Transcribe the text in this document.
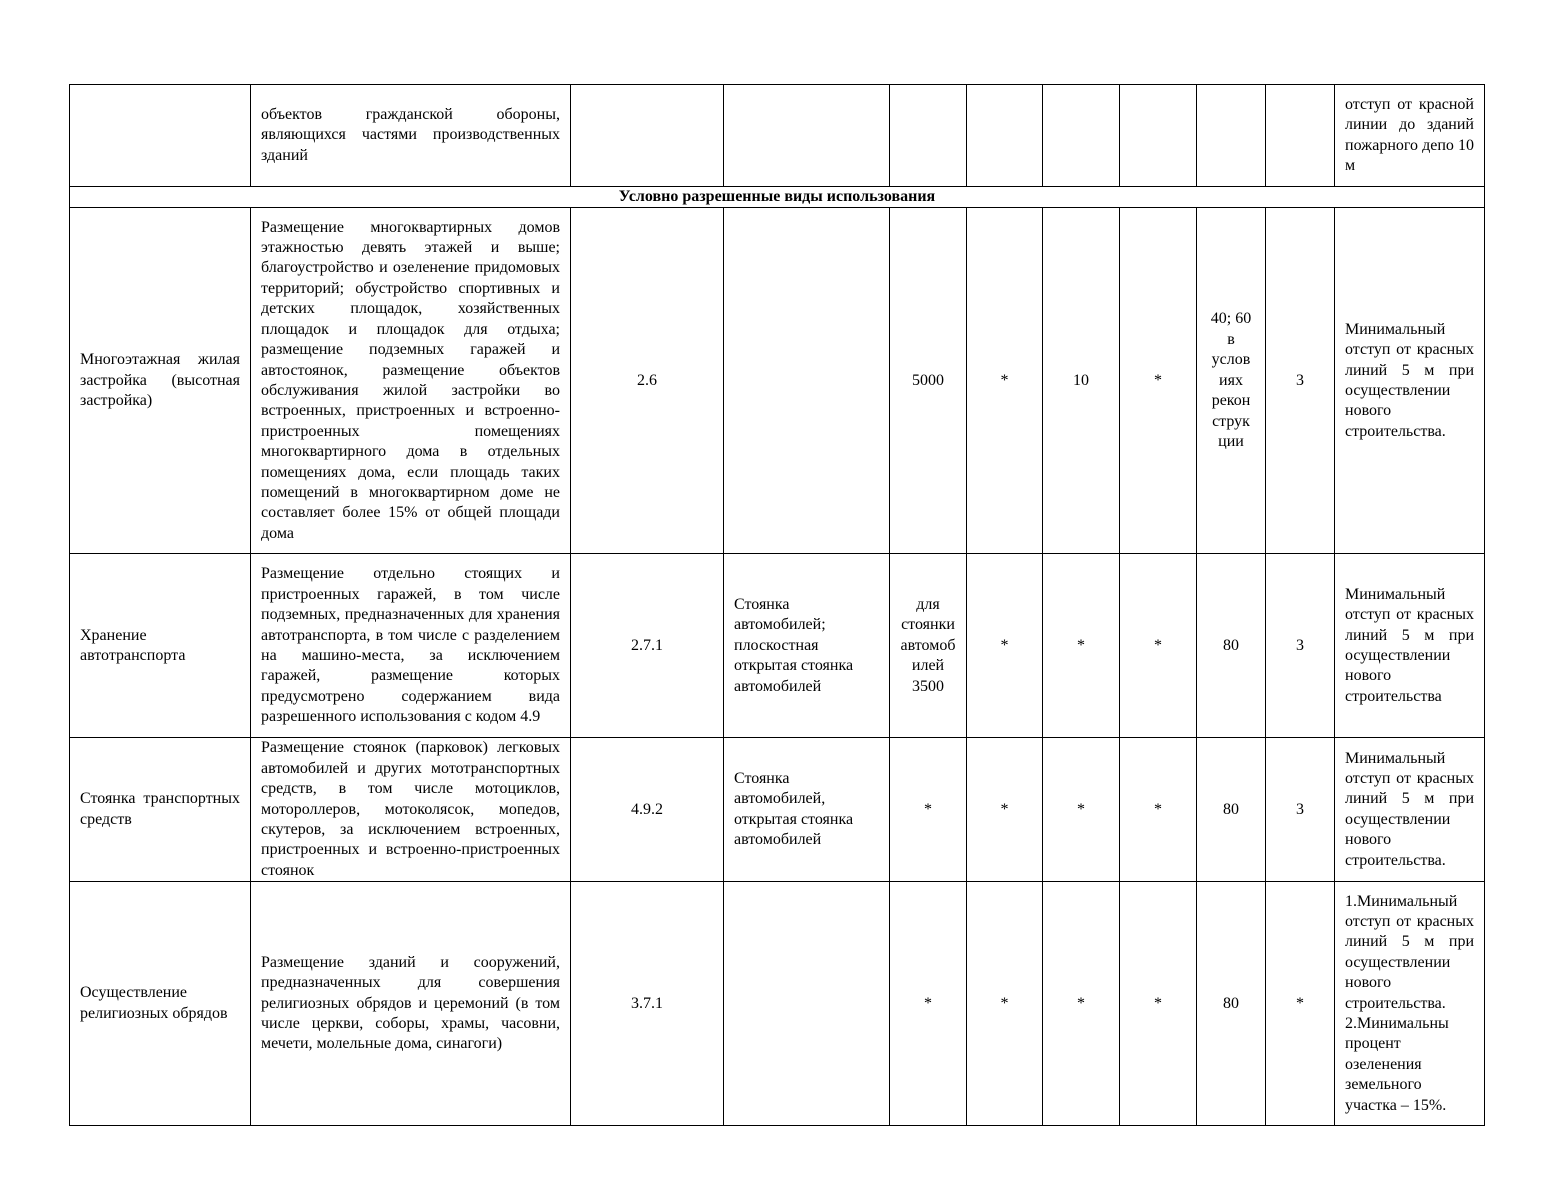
	объектов гражданской обороны, являющихся частями производственных зданий									отступ от красной линии до зданий пожарного депо 10 м
Условно разрешенные виды использования										
Многоэтажная жилая застройка (высотная застройка)	Размещение многоквартирных домов этажностью девять этажей и выше; благоустройство и озеленение придомовых территорий; обустройство спортивных и детских площадок, хозяйственных площадок и площадок для отдыха; размещение подземных гаражей и автостоянок, размещение объектов обслуживания жилой застройки во встроенных, пристроенных и встроенно-пристроенных помещениях многоквартирного дома в отдельных помещениях дома, если площадь таких помещений в многоквартирном доме не составляет более 15% от общей площади дома	2.6		5000	*	10	*	40; 60 в услов иях рекон струк ции	3	Минимальный отступ от красных линий 5 м при осуществлении нового строительства.
Хранение автотранспорта	Размещение отдельно стоящих и пристроенных гаражей, в том числе подземных, предназначенных для хранения автотранспорта, в том числе с разделением на машино-места, за исключением гаражей, размещение которых предусмотрено содержанием вида разрешенного использования с кодом 4.9	2.7.1	Стоянка автомобилей; плоскостная открытая стоянка автомобилей	для стоянки автомоб илей 3500	*	*	*	80	3	Минимальный отступ от красных линий 5 м при осуществлении нового строительства
Стоянка транспортных средств	Размещение стоянок (парковок) легковых автомобилей и других мототранспортных средств, в том числе мотоциклов, мотороллеров, мотоколясок, мопедов, скутеров, за исключением встроенных, пристроенных и встроенно-пристроенных стоянок	4.9.2	Стоянка автомобилей, открытая стоянка автомобилей	*	*	*	*	80	3	Минимальный отступ от красных линий 5 м при осуществлении нового строительства.
Осуществление религиозных обрядов	Размещение зданий и сооружений, предназначенных для совершения религиозных обрядов и церемоний (в том числе церкви, соборы, храмы, часовни, мечети, молельные дома, синагоги)	3.7.1		*	*	*	*	80	*	1.Минимальный отступ от красных линий 5 м при осуществлении нового строительства.
2.Минимальны процент озеленения земельного участка – 15%.
